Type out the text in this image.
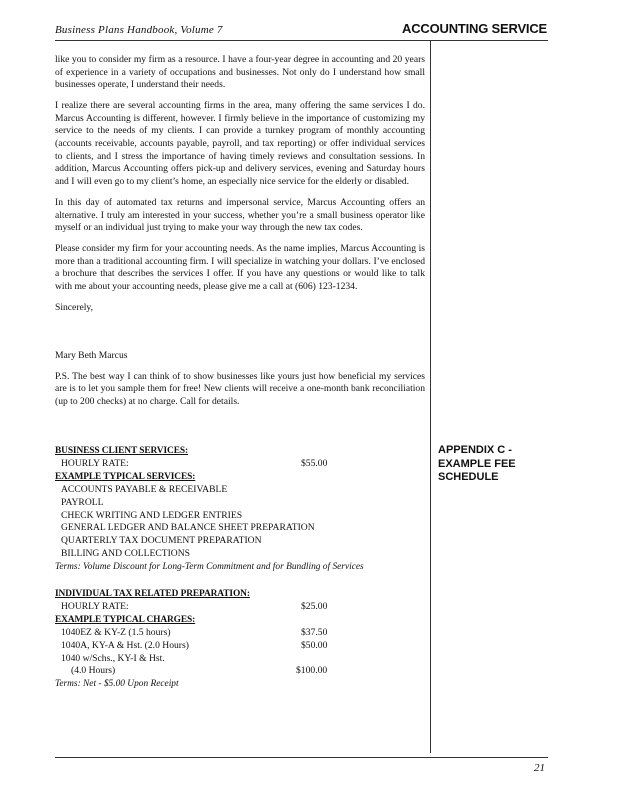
Business Plans Handbook, Volume 7	ACCOUNTING SERVICE

like you to consider my firm as a resource. I have a four-year degree in accounting and 20 years of experience in a variety of occupations and businesses. Not only do I understand how small businesses operate, I understand their needs.

I realize there are several accounting firms in the area, many offering the same services I do. Marcus Accounting is different, however. I firmly believe in the importance of customizing my service to the needs of my clients. I can provide a turnkey program of monthly accounting (accounts receivable, accounts payable, payroll, and tax reporting) or offer individual services to clients, and I stress the importance of having timely reviews and consultation sessions. In addition, Marcus Accounting offers pick-up and delivery services, evening and Saturday hours and I will even go to my client’s home, an especially nice service for the elderly or disabled.

In this day of automated tax returns and impersonal service, Marcus Accounting offers an alternative. I truly am interested in your success, whether you’re a small business operator like myself or an individual just trying to make your way through the new tax codes.

Please consider my firm for your accounting needs. As the name implies, Marcus Accounting is more than a traditional accounting firm. I will specialize in watching your dollars. I’ve enclosed a brochure that describes the services I offer. If you have any questions or would like to talk with me about your accounting needs, please give me a call at (606) 123-1234.

Sincerely,

Mary Beth Marcus

P.S. The best way I can think of to show businesses like yours just how beneficial my services are is to let you sample them for free! New clients will receive a one-month bank reconciliation (up to 200 checks) at no charge. Call for details.

BUSINESS CLIENT SERVICES:
HOURLY RATE:	$55.00
EXAMPLE TYPICAL SERVICES:
ACCOUNTS PAYABLE & RECEIVABLE
PAYROLL
CHECK WRITING AND LEDGER ENTRIES
GENERAL LEDGER AND BALANCE SHEET PREPARATION
QUARTERLY TAX DOCUMENT PREPARATION
BILLING AND COLLECTIONS
Terms: Volume Discount for Long-Term Commitment and for Bundling of Services
INDIVIDUAL TAX RELATED PREPARATION:
HOURLY RATE:	$25.00
EXAMPLE TYPICAL CHARGES:
1040EZ & KY-Z (1.5 hours)	$37.50
1040A, KY-A & Hst. (2.0 Hours)	$50.00
1040 w/Schs., KY-I & Hst.
(4.0 Hours)	$100.00
Terms: Net - $5.00 Upon Receipt
APPENDIX C -
EXAMPLE FEE
SCHEDULE
21
